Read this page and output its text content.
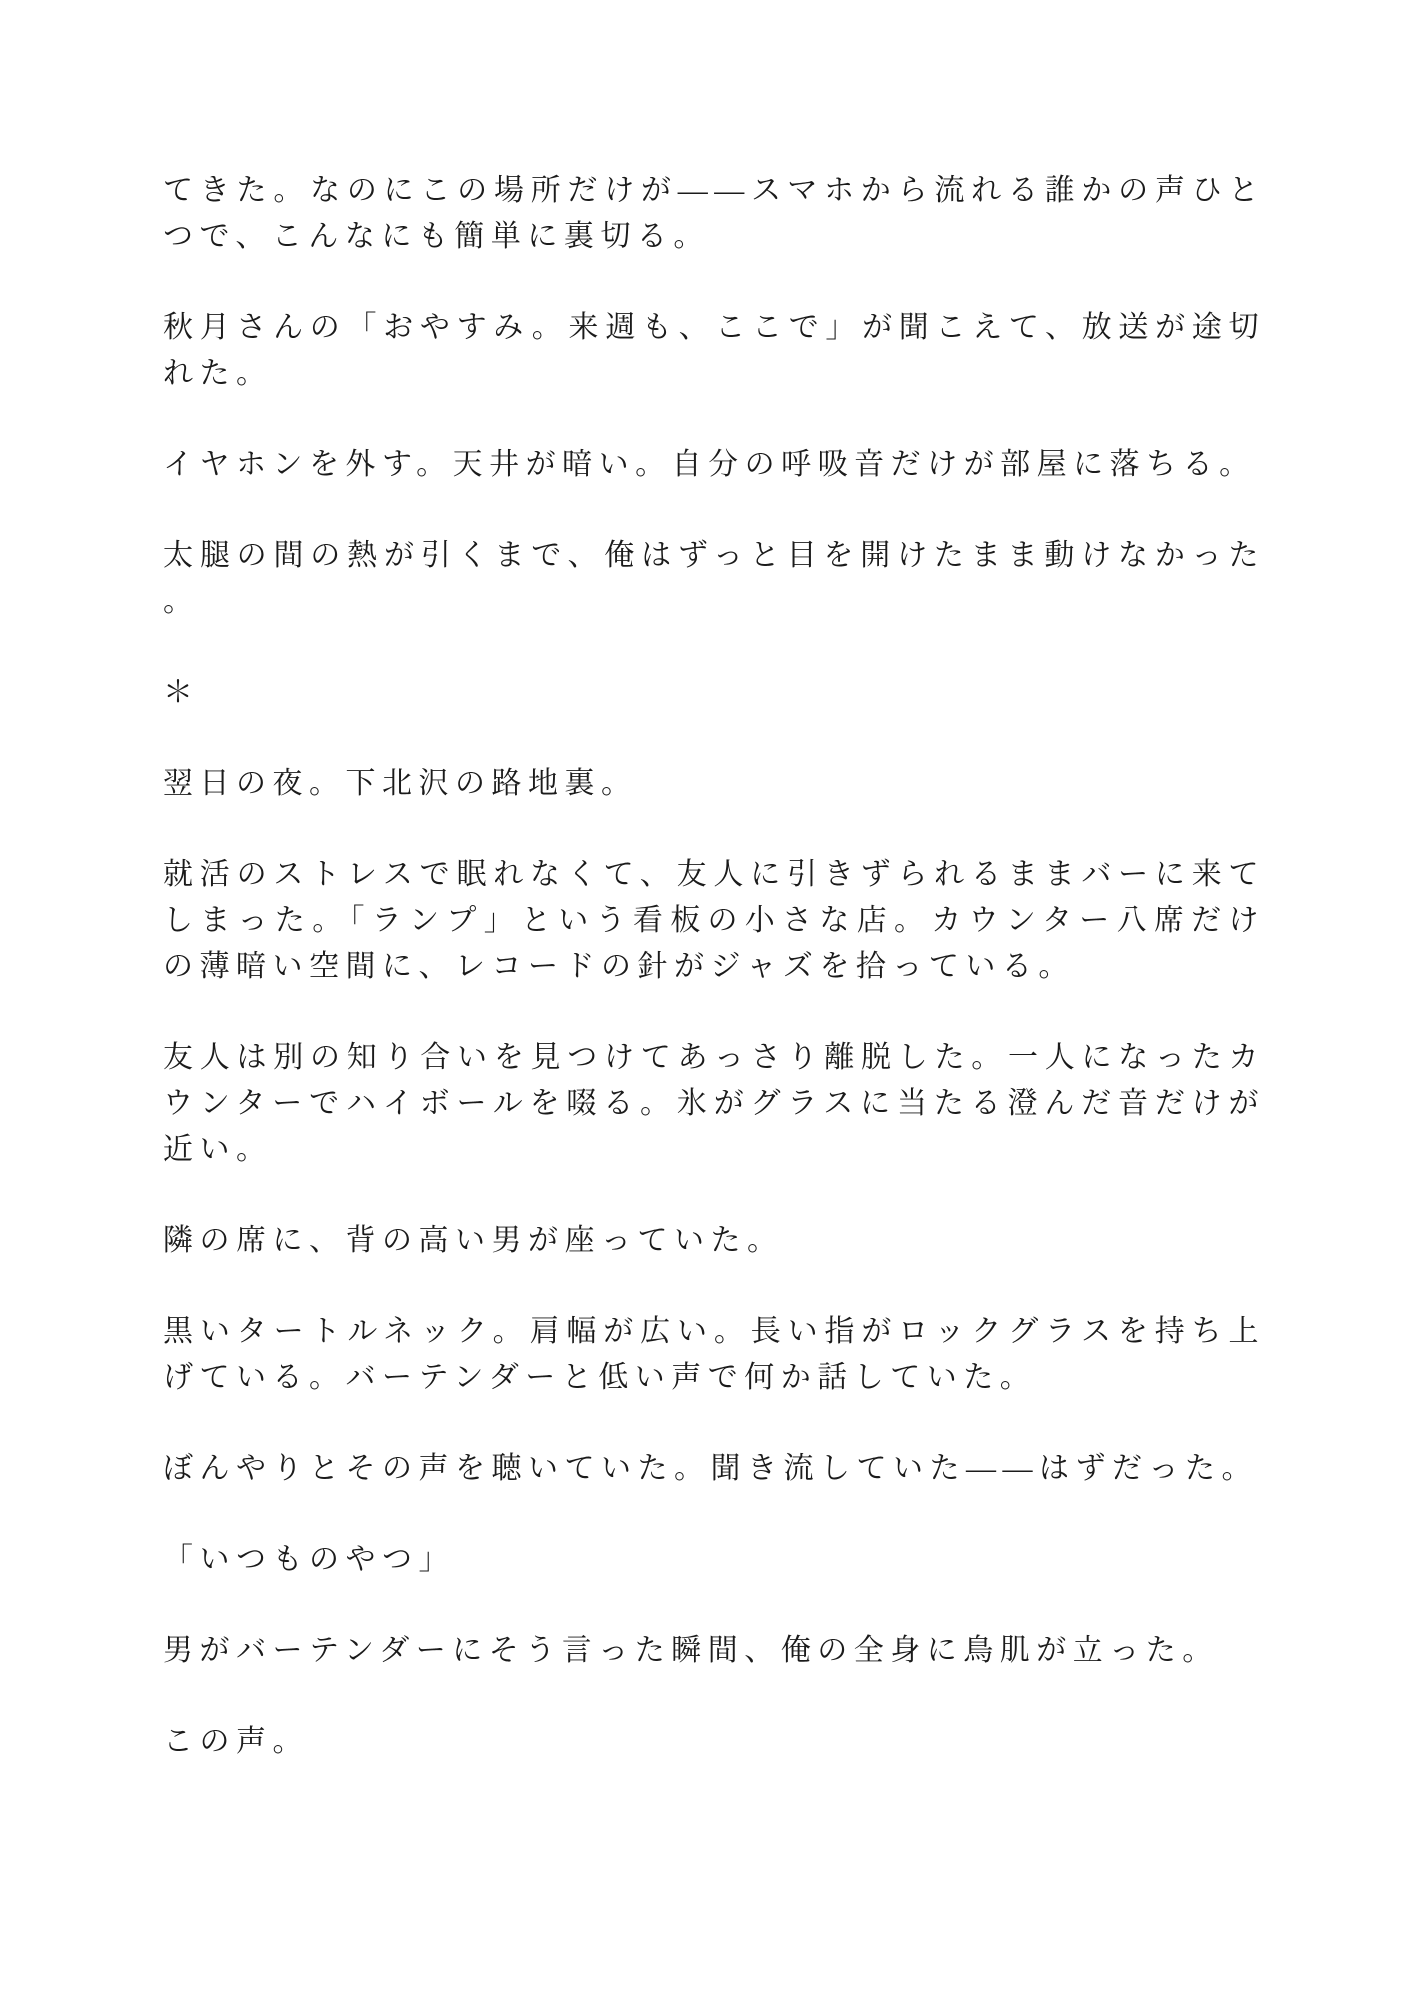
てきた。なのにこの場所だけが——スマホから流れる誰かの声ひとつで、こんなにも簡単に裏切る。

秋月さんの「おやすみ。来週も、ここで」が聞こえて、放送が途切れた。

イヤホンを外す。天井が暗い。自分の呼吸音だけが部屋に落ちる。

太腿の間の熱が引くまで、俺はずっと目を開けたまま動けなかった。

＊

翌日の夜。下北沢の路地裏。

就活のストレスで眠れなくて、友人に引きずられるままバーに来てしまった。「ランプ」という看板の小さな店。カウンター八席だけの薄暗い空間に、レコードの針がジャズを拾っている。

友人は別の知り合いを見つけてあっさり離脱した。一人になったカウンターでハイボールを啜る。氷がグラスに当たる澄んだ音だけが近い。

隣の席に、背の高い男が座っていた。

黒いタートルネック。肩幅が広い。長い指がロックグラスを持ち上げている。バーテンダーと低い声で何か話していた。

ぼんやりとその声を聴いていた。聞き流していた——はずだった。

「いつものやつ」

男がバーテンダーにそう言った瞬間、俺の全身に鳥肌が立った。

この声。
